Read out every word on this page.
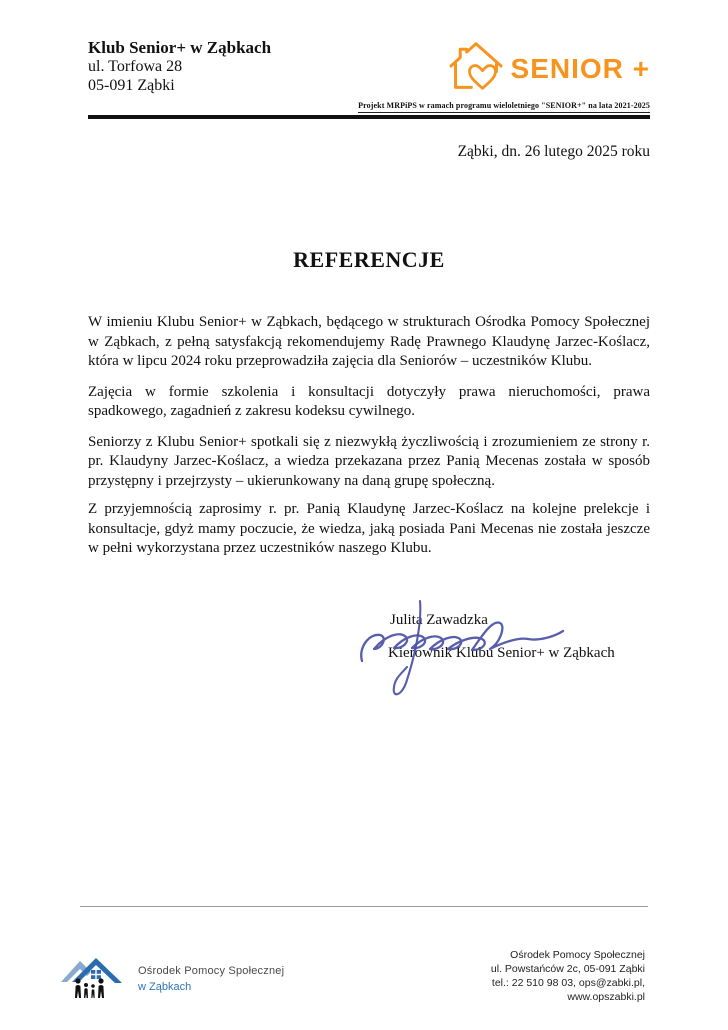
Klub Senior+ w Ząbkach
ul. Torfowa 28
05-091 Ząbki
SENIOR +
Projekt MRPiPS w ramach programu wieloletniego "SENIOR+" na lata 2021-2025
Ząbki, dn. 26 lutego 2025 roku
REFERENCJE

W imieniu Klubu Senior+ w Ząbkach, będącego w strukturach Ośrodka Pomocy Społecznej w Ząbkach, z pełną satysfakcją rekomendujemy Radę Prawnego Klaudynę Jarzec-Koślacz, która w lipcu 2024 roku przeprowadziła zajęcia dla Seniorów – uczestników Klubu.

Zajęcia w formie szkolenia i konsultacji dotyczyły prawa nieruchomości, prawa spadkowego, zagadnień z zakresu kodeksu cywilnego.

Seniorzy z Klubu Senior+ spotkali się z niezwykłą życzliwością i zrozumieniem ze strony r. pr. Klaudyny Jarzec-Koślacz, a wiedza przekazana przez Panią Mecenas została w sposób przystępny i przejrzysty – ukierunkowany na daną grupę społeczną.

Z przyjemnością zaprosimy r. pr. Panią Klaudynę Jarzec-Koślacz na kolejne prelekcje i konsultacje, gdyż mamy poczucie, że wiedza, jaką posiada Pani Mecenas nie została jeszcze w pełni wykorzystana przez uczestników naszego Klubu.

Julita Zawadzka
Kierownik Klubu Senior+ w Ząbkach
Ośrodek Pomocy Społecznej
w Ząbkach
Ośrodek Pomocy Społecznej
ul. Powstańców 2c, 05-091 Ząbki
tel.: 22 510 98 03, ops@zabki.pl,
www.opszabki.pl
